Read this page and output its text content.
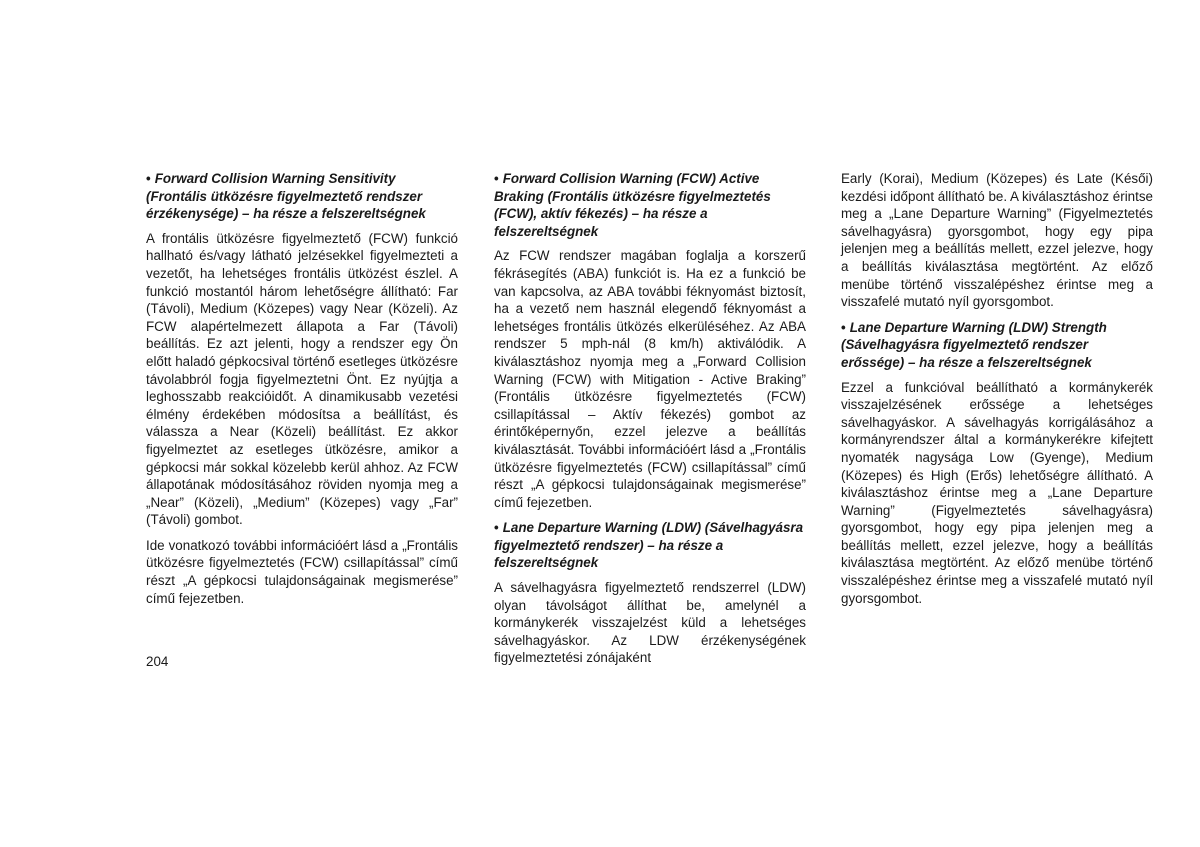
• Forward Collision Warning Sensitivity (Frontális ütközésre figyelmeztető rendszer érzékenysége) – ha része a felszereltségnek

A frontális ütközésre figyelmeztető (FCW) funkció hallható és/vagy látható jelzésekkel figyelmezteti a vezetőt, ha lehetséges frontális ütközést észlel. A funkció mostantól három lehetőségre állítható: Far (Távoli), Medium (Közepes) vagy Near (Közeli). Az FCW alapértelmezett állapota a Far (Távoli) beállítás. Ez azt jelenti, hogy a rendszer egy Ön előtt haladó gépkocsival történő esetleges ütközésre távolabbról fogja figyelmeztetni Önt. Ez nyújtja a leghosszabb reakcióidőt. A dinamikusabb vezetési élmény érdekében módosítsa a beállítást, és válassza a Near (Közeli) beállítást. Ez akkor figyelmeztet az esetleges ütközésre, amikor a gépkocsi már sokkal közelebb kerül ahhoz. Az FCW állapotának módosításához röviden nyomja meg a „Near” (Közeli), „Medium” (Közepes) vagy „Far” (Távoli) gombot.

Ide vonatkozó további információért lásd a „Frontális ütközésre figyelmeztetés (FCW) csillapítással” című részt „A gépkocsi tulajdonságainak megismerése” című fejezetben.

• Forward Collision Warning (FCW) Active Braking (Frontális ütközésre figyelmeztetés (FCW), aktív fékezés) – ha része a felszereltségnek

Az FCW rendszer magában foglalja a korszerű fékrásegítés (ABA) funkciót is. Ha ez a funkció be van kapcsolva, az ABA további féknyomást biztosít, ha a vezető nem használ elegendő féknyomást a lehetséges frontális ütközés elkerüléséhez. Az ABA rendszer 5 mph-nál (8 km/h) aktiválódik. A kiválasztáshoz nyomja meg a „Forward Collision Warning (FCW) with Mitigation - Active Braking” (Frontális ütközésre figyelmeztetés (FCW) csillapítással – Aktív fékezés) gombot az érintőképernyőn, ezzel jelezve a beállítás kiválasztását. További információért lásd a „Frontális ütközésre figyelmeztetés (FCW) csillapítással” című részt „A gépkocsi tulajdonságainak megismerése” című fejezetben.

• Lane Departure Warning (LDW) (Sávelhagyásra figyelmeztető rendszer) – ha része a felszereltségnek

A sávelhagyásra figyelmeztető rendszerrel (LDW) olyan távolságot állíthat be, amelynél a kormánykerék visszajelzést küld a lehetséges sávelhagyáskor. Az LDW érzékenységének figyelmeztetési zónájaként

Early (Korai), Medium (Közepes) és Late (Késői) kezdési időpont állítható be. A kiválasztáshoz érintse meg a „Lane Departure Warning” (Figyelmeztetés sávelhagyásra) gyorsgombot, hogy egy pipa jelenjen meg a beállítás mellett, ezzel jelezve, hogy a beállítás kiválasztása megtörtént. Az előző menübe történő visszalépéshez érintse meg a visszafelé mutató nyíl gyorsgombot.

• Lane Departure Warning (LDW) Strength (Sávelhagyásra figyelmeztető rendszer erőssége) – ha része a felszereltségnek

Ezzel a funkcióval beállítható a kormánykerék visszajelzésének erőssége a lehetséges sávelhagyáskor. A sávelhagyás korrigálásához a kormányrendszer által a kormánykerékre kifejtett nyomaték nagysága Low (Gyenge), Medium (Közepes) és High (Erős) lehetőségre állítható. A kiválasztáshoz érintse meg a „Lane Departure Warning” (Figyelmeztetés sávelhagyásra) gyorsgombot, hogy egy pipa jelenjen meg a beállítás mellett, ezzel jelezve, hogy a beállítás kiválasztása megtörtént. Az előző menübe történő visszalépéshez érintse meg a visszafelé mutató nyíl gyorsgombot.

204
